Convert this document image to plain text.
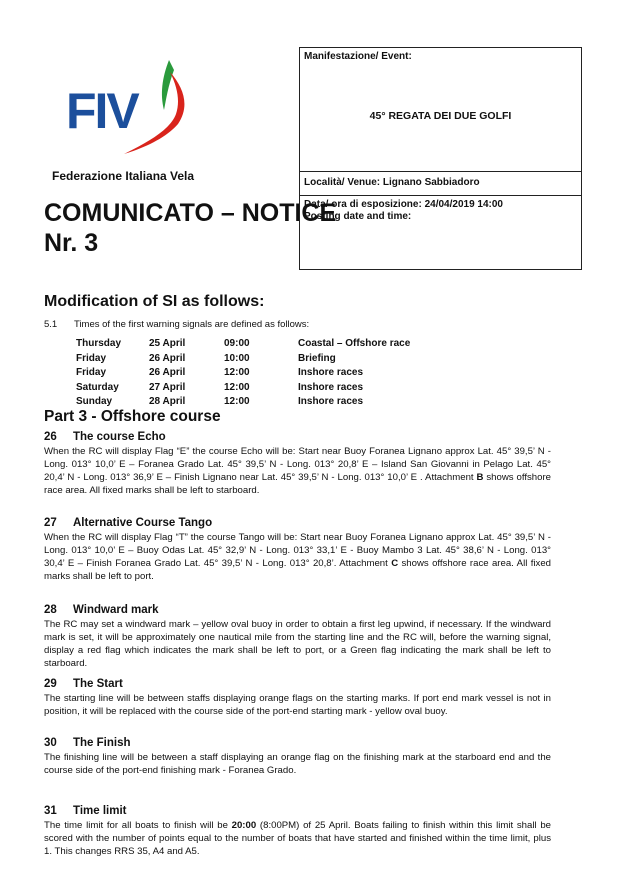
FIV
Federazione Italiana Vela
COMUNICATO – NOTICE
Nr. 3
Manifestazione/ Event:
45° REGATA DEI DUE GOLFI
Località/ Venue: Lignano Sabbiadoro
Data/ ora di esposizione: 24/04/2019 14:00
Posting date and time:
Modification of SI as follows:
5.1 Times of the first warning signals are defined as follows:
Thursday	25 April	09:00	Coastal – Offshore race
Friday	26 April	10:00	Briefing
Friday	26 April	12:00	Inshore races
Saturday	27 April	12:00	Inshore races
Sunday	28 April	12:00	Inshore races
Part 3 - Offshore course
26 The course Echo

When the RC will display Flag “E” the course Echo will be: Start near Buoy Foranea Lignano approx Lat. 45° 39,5’ N - Long. 013° 10,0’ E – Foranea Grado Lat. 45° 39,5’ N - Long. 013° 20,8’ E – Island San Giovanni in Pelago Lat. 45° 20,4’ N - Long. 013° 36,9’ E – Finish Lignano near Lat. 45° 39,5’ N - Long. 013° 10,0’ E . Attachment B shows offshore race area. All fixed marks shall be left to starboard.

27 Alternative Course Tango

When the RC will display Flag “T” the course Tango will be: Start near Buoy Foranea Lignano approx Lat. 45° 39,5’ N - Long. 013° 10,0’ E – Buoy Odas Lat. 45° 32,9’ N - Long. 013° 33,1’ E - Buoy Mambo 3 Lat. 45° 38,6’ N - Long. 013° 30,4’ E – Finish Foranea Grado Lat. 45° 39,5’ N - Long. 013° 20,8’. Attachment C shows offshore race area. All fixed marks shall be left to port.

28 Windward mark

The RC may set a windward mark – yellow oval buoy in order to obtain a first leg upwind, if necessary. If the windward mark is set, it will be approximately one nautical mile from the starting line and the RC will, before the warning signal, display a red flag which indicates the mark shall be left to port, or a Green flag indicating the mark shall be left to starboard.

29 The Start

The starting line will be between staffs displaying orange flags on the starting marks. If port end mark vessel is not in position, it will be replaced with the course side of the port-end starting mark - yellow oval buoy.

30 The Finish

The finishing line will be between a staff displaying an orange flag on the finishing mark at the starboard end and the course side of the port-end finishing mark - Foranea Grado.

31 Time limit

The time limit for all boats to finish will be 20:00 (8:00PM) of 25 April. Boats failing to finish within this limit shall be scored with the number of points equal to the number of boats that have started and finished within the time limit, plus 1. This changes RRS 35, A4 and A5.
